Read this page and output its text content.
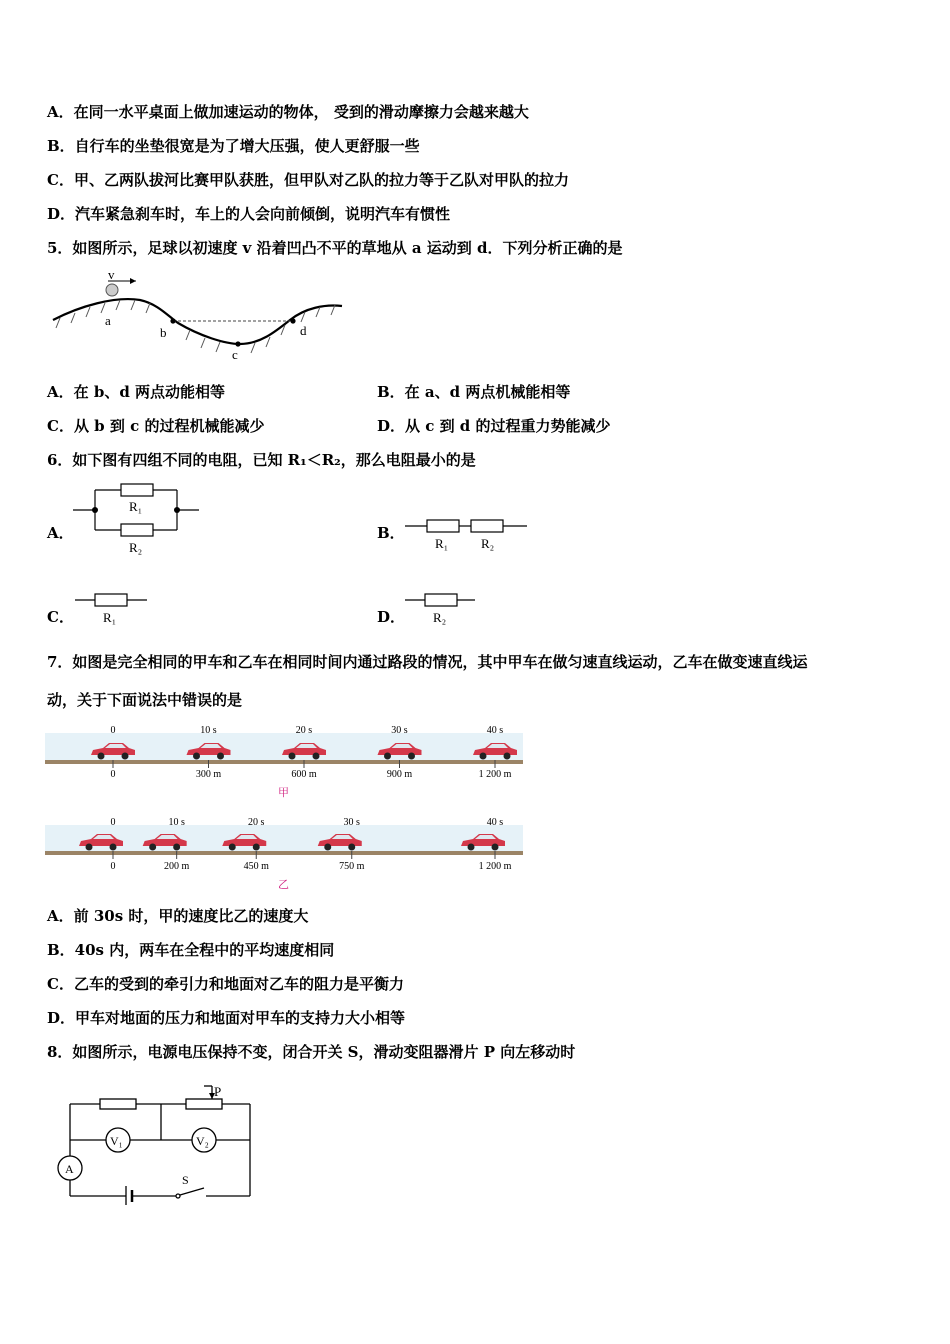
A．在同一水平桌面上做加速运动的物体， 受到的滑动摩擦力会越来越大
B．自行车的坐垫很宽是为了增大压强，使人更舒服一些
C．甲、乙两队拔河比赛甲队获胜，但甲队对乙队的拉力等于乙队对甲队的拉力
D．汽车紧急刹车时，车上的人会向前倾倒，说明汽车有惯性
5．如图所示，足球以初速度 v 沿着凹凸不平的草地从 a 运动到 d．下列分析正确的是
v
a
b
c
d
A．在 b、d 两点动能相等	B．在 a、d 两点机械能相等
C．从 b 到 c 的过程机械能减少	D．从 c 到 d 的过程重力势能减少
6．如下图有四组不同的电阻，已知 R₁＜R₂，那么电阻最小的是
A．
R₁
R₂
B．
R₁	R₂
C． R₁	D． R₂
7．如图是完全相同的甲车和乙车在相同时间内通过路段的情况，其中甲车在做匀速直线运动，乙车在做变速直线运
动，关于下面说法中错误的是
0	10 s	20 s	30 s	40 s
0	300 m	600 m	900 m	1 200 m
甲
0	10 s	20 s	30 s	40 s
0	200 m	450 m	750 m	1 200 m
乙
A．前 30s 时，甲的速度比乙的速度大
B．40s 内，两车在全程中的平均速度相同
C．乙车的受到的牵引力和地面对乙车的阻力是平衡力
D．甲车对地面的压力和地面对甲车的支持力大小相等
8．如图所示，电源电压保持不变，闭合开关 S，滑动变阻器滑片 P 向左移动时
P
V₁	V₂
A
S
